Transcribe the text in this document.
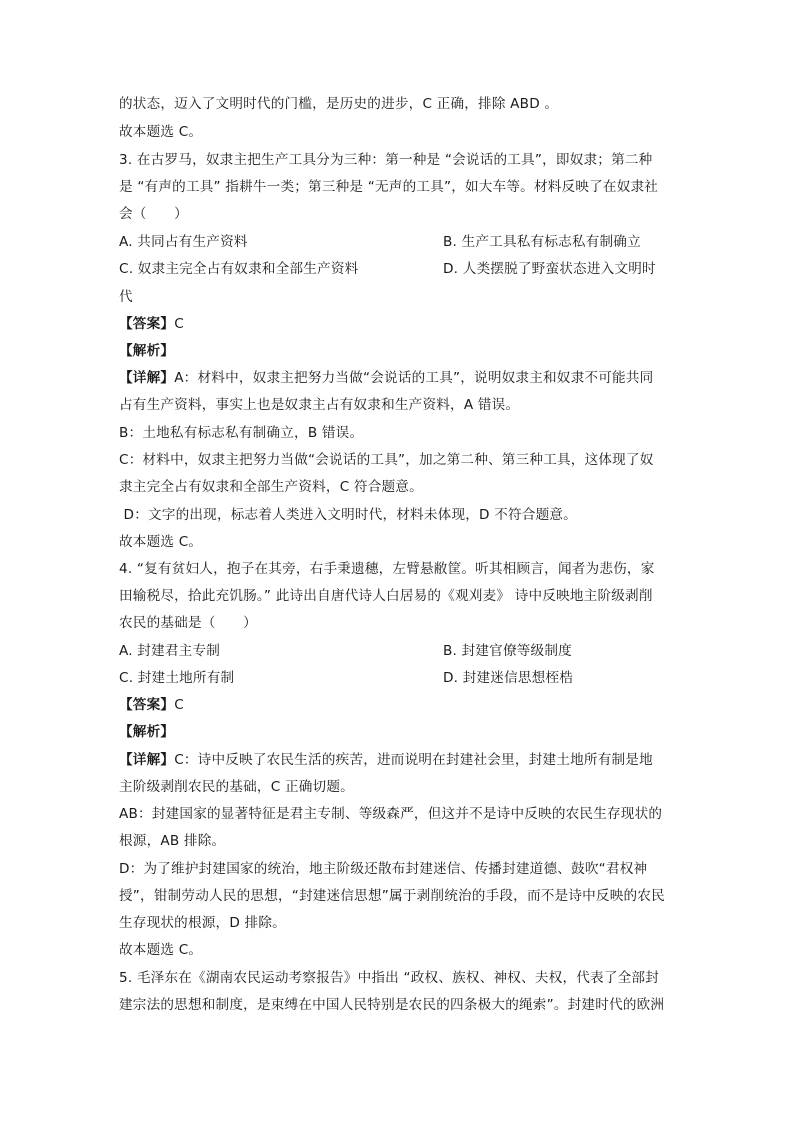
的状态，迈入了文明时代的门槛，是历史的进步，C 正确，排除 ABD 。
故本题选 C。
3. 在古罗马，奴隶主把生产工具分为三种：第一种是 “会说话的工具”，即奴隶；第二种
是 “有声的工具” 指耕牛一类；第三种是 “无声的工具”，如大车等。材料反映了在奴隶社
会（　　）
A. 共同占有生产资料	B. 生产工具私有标志私有制确立
C. 奴隶主完全占有奴隶和全部生产资料	D. 人类摆脱了野蛮状态进入文明时
代
【答案】C
【解析】
【详解】A：材料中，奴隶主把努力当做“会说话的工具”，说明奴隶主和奴隶不可能共同
占有生产资料，事实上也是奴隶主占有奴隶和生产资料，A 错误。
B：土地私有标志私有制确立，B 错误。
C：材料中，奴隶主把努力当做“会说话的工具”，加之第二种、第三种工具，这体现了奴
隶主完全占有奴隶和全部生产资料，C 符合题意。
D：文字的出现，标志着人类进入文明时代，材料未体现，D 不符合题意。
故本题选 C。
4. “复有贫妇人，抱子在其旁，右手秉遗穗，左臂悬敝筐。听其相顾言，闻者为悲伤，家
田输税尽，拾此充饥肠。” 此诗出自唐代诗人白居易的《观刈麦》 诗中反映地主阶级剥削
农民的基础是（　　）
A. 封建君主专制	B. 封建官僚等级制度
C. 封建土地所有制	D. 封建迷信思想桎梏
【答案】C
【解析】
【详解】C：诗中反映了农民生活的疾苦，进而说明在封建社会里，封建土地所有制是地
主阶级剥削农民的基础，C 正确切题。
AB：封建国家的显著特征是君主专制、等级森严，但这并不是诗中反映的农民生存现状的
根源，AB 排除。
D：为了维护封建国家的统治，地主阶级还散布封建迷信、传播封建道德、鼓吹“君权神
授”，钳制劳动人民的思想，“封建迷信思想”属于剥削统治的手段，而不是诗中反映的农民
生存现状的根源，D 排除。
故本题选 C。
5. 毛泽东在《湖南农民运动考察报告》中指出 “政权、族权、神权、夫权，代表了全部封
建宗法的思想和制度，是束缚在中国人民特别是农民的四条极大的绳索”。封建时代的欧洲
